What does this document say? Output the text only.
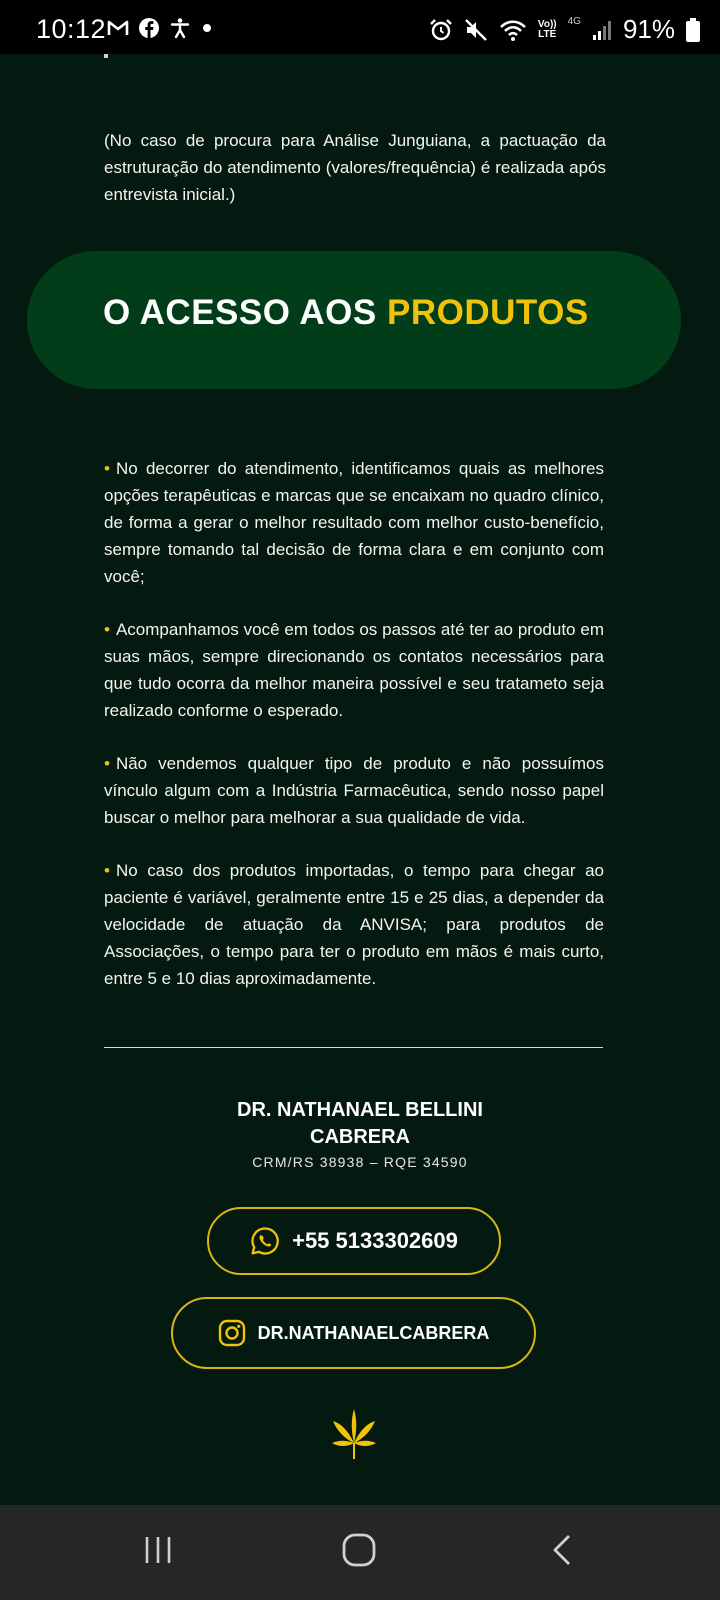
10:12	Vo))
LTE
4G 91%

(No caso de procura para Análise Junguiana, a pactuação da estruturação do atendimento (valores/frequência) é realizada após entrevista inicial.)

O ACESSO AOS PRODUTOS

• No decorrer do atendimento, identificamos quais as melhores opções terapêuticas e marcas que se encaixam no quadro clínico, de forma a gerar o melhor resultado com melhor custo-benefício, sempre tomando tal decisão de forma clara e em conjunto com você;

• Acompanhamos você em todos os passos até ter ao produto em suas mãos, sempre direcionando os contatos necessários para que tudo ocorra da melhor maneira possível e seu tratameto seja realizado conforme o esperado.

• Não vendemos qualquer tipo de produto e não possuímos vínculo algum com a Indústria Farmacêutica, sendo nosso papel buscar o melhor para melhorar a sua qualidade de vida.

• No caso dos produtos importadas, o tempo para chegar ao paciente é variável, geralmente entre 15 e 25 dias, a depender da velocidade de atuação da ANVISA; para produtos de Associações, o tempo para ter o produto em mãos é mais curto, entre 5 e 10 dias aproximadamente.

DR. NATHANAEL BELLINI
CABRERA
CRM/RS 38938 – RQE 34590
+55 5133302609
DR.NATHANAELCABRERA
